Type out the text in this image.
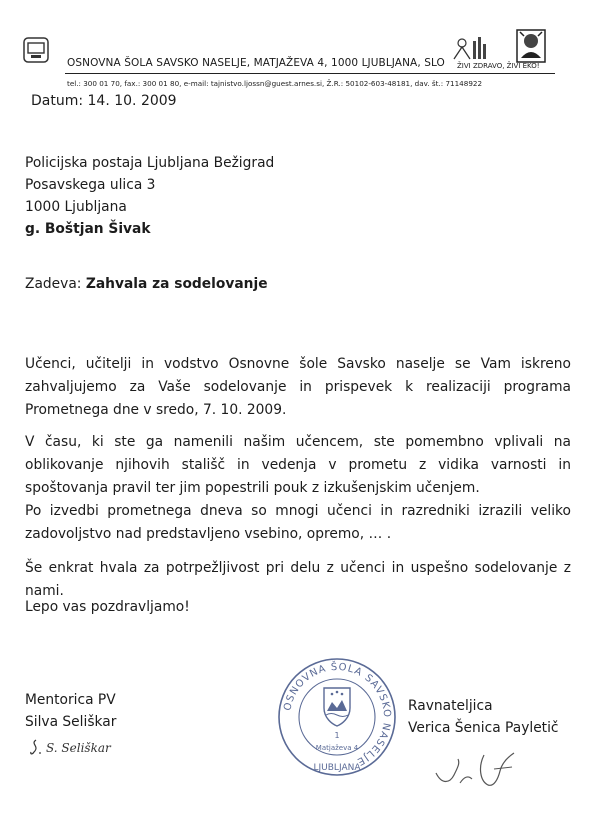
OSNOVNA ŠOLA SAVSKO NASELJE, MATJAŽEVA 4, 1000 LJUBLJANA, SLO
tel.: 300 01 70, fax.: 300 01 80, e-mail: tajnistvo.ljossn@guest.arnes.si, Ž.R.: 50102-603-48181, dav. št.: 71148922
ŽIVI ZDRAVO, ŽIVI EKO!
Datum: 14. 10. 2009
Policijska postaja Ljubljana Bežigrad
Posavskega ulica 3
1000 Ljubljana
g. Boštjan Šivak
Zadeva: Zahvala za sodelovanje
Učenci, učitelji in vodstvo Osnovne šole Savsko naselje se Vam iskreno zahvaljujemo za Vaše sodelovanje in prispevek k realizaciji programa Prometnega dne v sredo, 7. 10. 2009.
V času, ki ste ga namenili našim učencem, ste pomembno vplivali na oblikovanje njihovih stališč in vedenja v prometu z vidika varnosti in spoštovanja pravil ter jim popestrili pouk z izkušenjskim učenjem.
Po izvedbi prometnega dneva so mnogi učenci in razredniki izrazili veliko zadovoljstvo nad predstavljeno vsebino, opremo, … .
Še enkrat hvala za potrpežljivost pri delu z učenci in uspešno sodelovanje z nami.
Lepo vas pozdravljamo!
Mentorica PV
Silva Seliškar
Ravnateljica
Verica Šenica Payletič
S. Seliškar
OSNOVNA ŠOLA SAVSKO NASELJE
LJUBLJANA
1
Matjaževa 4
